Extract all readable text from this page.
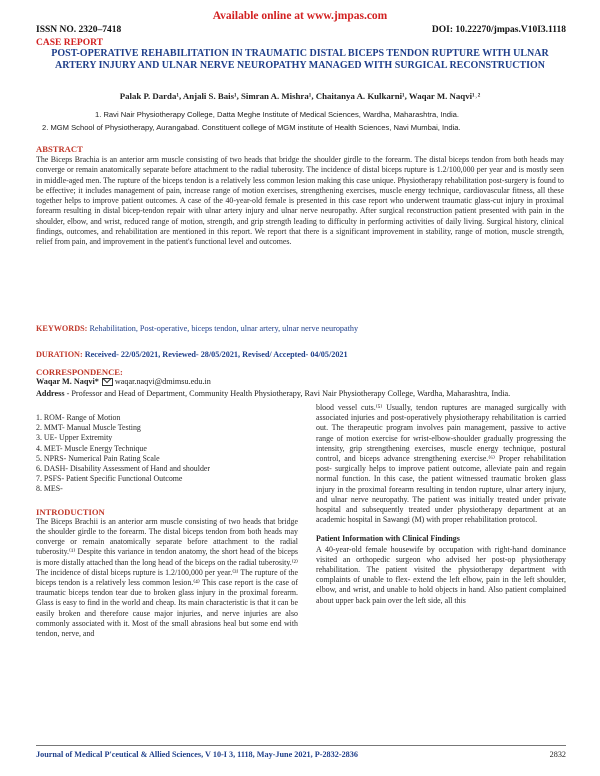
Available online at www.jmpas.com
ISSN NO. 2320–7418	DOI: 10.22270/jmpas.V10I3.1118
CASE REPORT
POST-OPERATIVE REHABILITATION IN TRAUMATIC DISTAL BICEPS TENDON RUPTURE WITH ULNAR ARTERY INJURY AND ULNAR NERVE NEUROPATHY MANAGED WITH SURGICAL RECONSTRUCTION
Palak P. Darda¹, Anjali S. Bais¹, Simran A. Mishra¹, Chaitanya A. Kulkarni¹, Waqar M. Naqvi¹˒²
1. Ravi Nair Physiotherapy College, Datta Meghe Institute of Medical Sciences, Wardha, Maharashtra, India.
2. MGM School of Physiotherapy, Aurangabad. Constituent college of MGM institute of Health Sciences, Navi Mumbai, India.
ABSTRACT
The Biceps Brachia is an anterior arm muscle consisting of two heads that bridge the shoulder girdle to the forearm. The distal biceps tendon from both heads may converge or remain anatomically separate before attachment to the radial tuberosity. The incidence of distal biceps rupture is 1.2/100,000 per year and is mostly seen in middle-aged men. The rupture of the biceps tendon is a relatively less common lesion making this case unique. Physiotherapy rehabilitation post-surgery is found to be effective; it includes management of pain, increase range of motion exercises, strengthening exercises, muscle energy technique, cardiovascular fitness, all these together helps to improve patient outcomes. A case of the 40-year-old female is presented in this case report who underwent traumatic glass-cut injury in proximal forearm resulting in distal bicep-tendon repair with ulnar artery injury and ulnar nerve neuropathy. After surgical reconstruction patient presented with pain in the shoulder, elbow, and wrist, reduced range of motion, strength, and grip strength leading to difficulty in performing activities of daily living. Surgical history, clinical findings, outcomes, and rehabilitation are mentioned in this report. We report that there is a significant improvement in stability, range of motion, muscle strength, relief from pain, and improvement in the patient's functional level and outcomes.
KEYWORDS: Rehabilitation, Post-operative, biceps tendon, ulnar artery, ulnar nerve neuropathy
DURATION: Received- 22/05/2021, Reviewed- 28/05/2021, Revised/ Accepted- 04/05/2021
CORRESPONDENCE:
Waqar M. Naqvi* waqar.naqvi@dmimsu.edu.in
Address - Professor and Head of Department, Community Health Physiotherapy, Ravi Nair Physiotherapy College, Wardha, Maharashtra, India.
1. ROM- Range of Motion
2. MMT- Manual Muscle Testing
3. UE- Upper Extremity
4. MET- Muscle Energy Technique
5. NPRS- Numerical Pain Rating Scale
6. DASH- Disability Assessment of Hand and shoulder
7. PSFS- Patient Specific Functional Outcome
8. MES-
INTRODUCTION
The Biceps Brachii is an anterior arm muscle consisting of two heads that bridge the shoulder girdle to the forearm. The distal biceps tendon from both heads may converge or remain anatomically separate before attachment to the radial tuberosity.⁽¹⁾ Despite this variance in tendon anatomy, the short head of the biceps is more distally attached than the long head of the biceps on the radial tuberosity.⁽²⁾ The incidence of distal biceps rupture is 1.2/100,000 per year.⁽³⁾ The rupture of the biceps tendon is a relatively less common lesion.⁽⁴⁾ This case report is the case of traumatic biceps tendon tear due to broken glass injury in the proximal forearm. Glass is easy to find in the world and cheap. Its main characteristic is that it can be easily broken and therefore cause major injuries, and nerve injuries are also commonly associated with it. Most of the small abrasions heal but some end with tendon, nerve, and
blood vessel cuts.⁽⁵⁾ Usually, tendon ruptures are managed surgically with associated injuries and post-operatively physiotherapy rehabilitation is carried out. The therapeutic program involves pain management, passive to active range of motion exercise for wrist-elbow-shoulder gradually progressing the intensity, grip strengthening exercises, muscle energy technique, postural control, and biceps advance strengthening exercise.⁽⁶⁾ Proper rehabilitation post- surgically helps to improve patient outcome, alleviate pain and regain normal function. In this case, the patient witnessed traumatic broken glass injury in the proximal forearm resulting in tendon rupture, ulnar artery injury, and ulnar nerve neuropathy. The patient was initially treated under private hospital and subsequently treated under physiotherapy department at an academic hospital in Sawangi (M) with proper rehabilitation protocol.
Patient Information with Clinical Findings
A 40-year-old female housewife by occupation with right-hand dominance visited an orthopedic surgeon who advised her post-op physiotherapy rehabilitation. The patient visited the physiotherapy department with complaints of unable to flex- extend the left elbow, pain in the left shoulder, elbow, and wrist, and unable to hold objects in hand. Also patient complained about upper back pain over the left side, all this
Journal of Medical P'ceutical & Allied Sciences, V 10-I 3, 1118, May-June 2021, P-2832-2836	2832
